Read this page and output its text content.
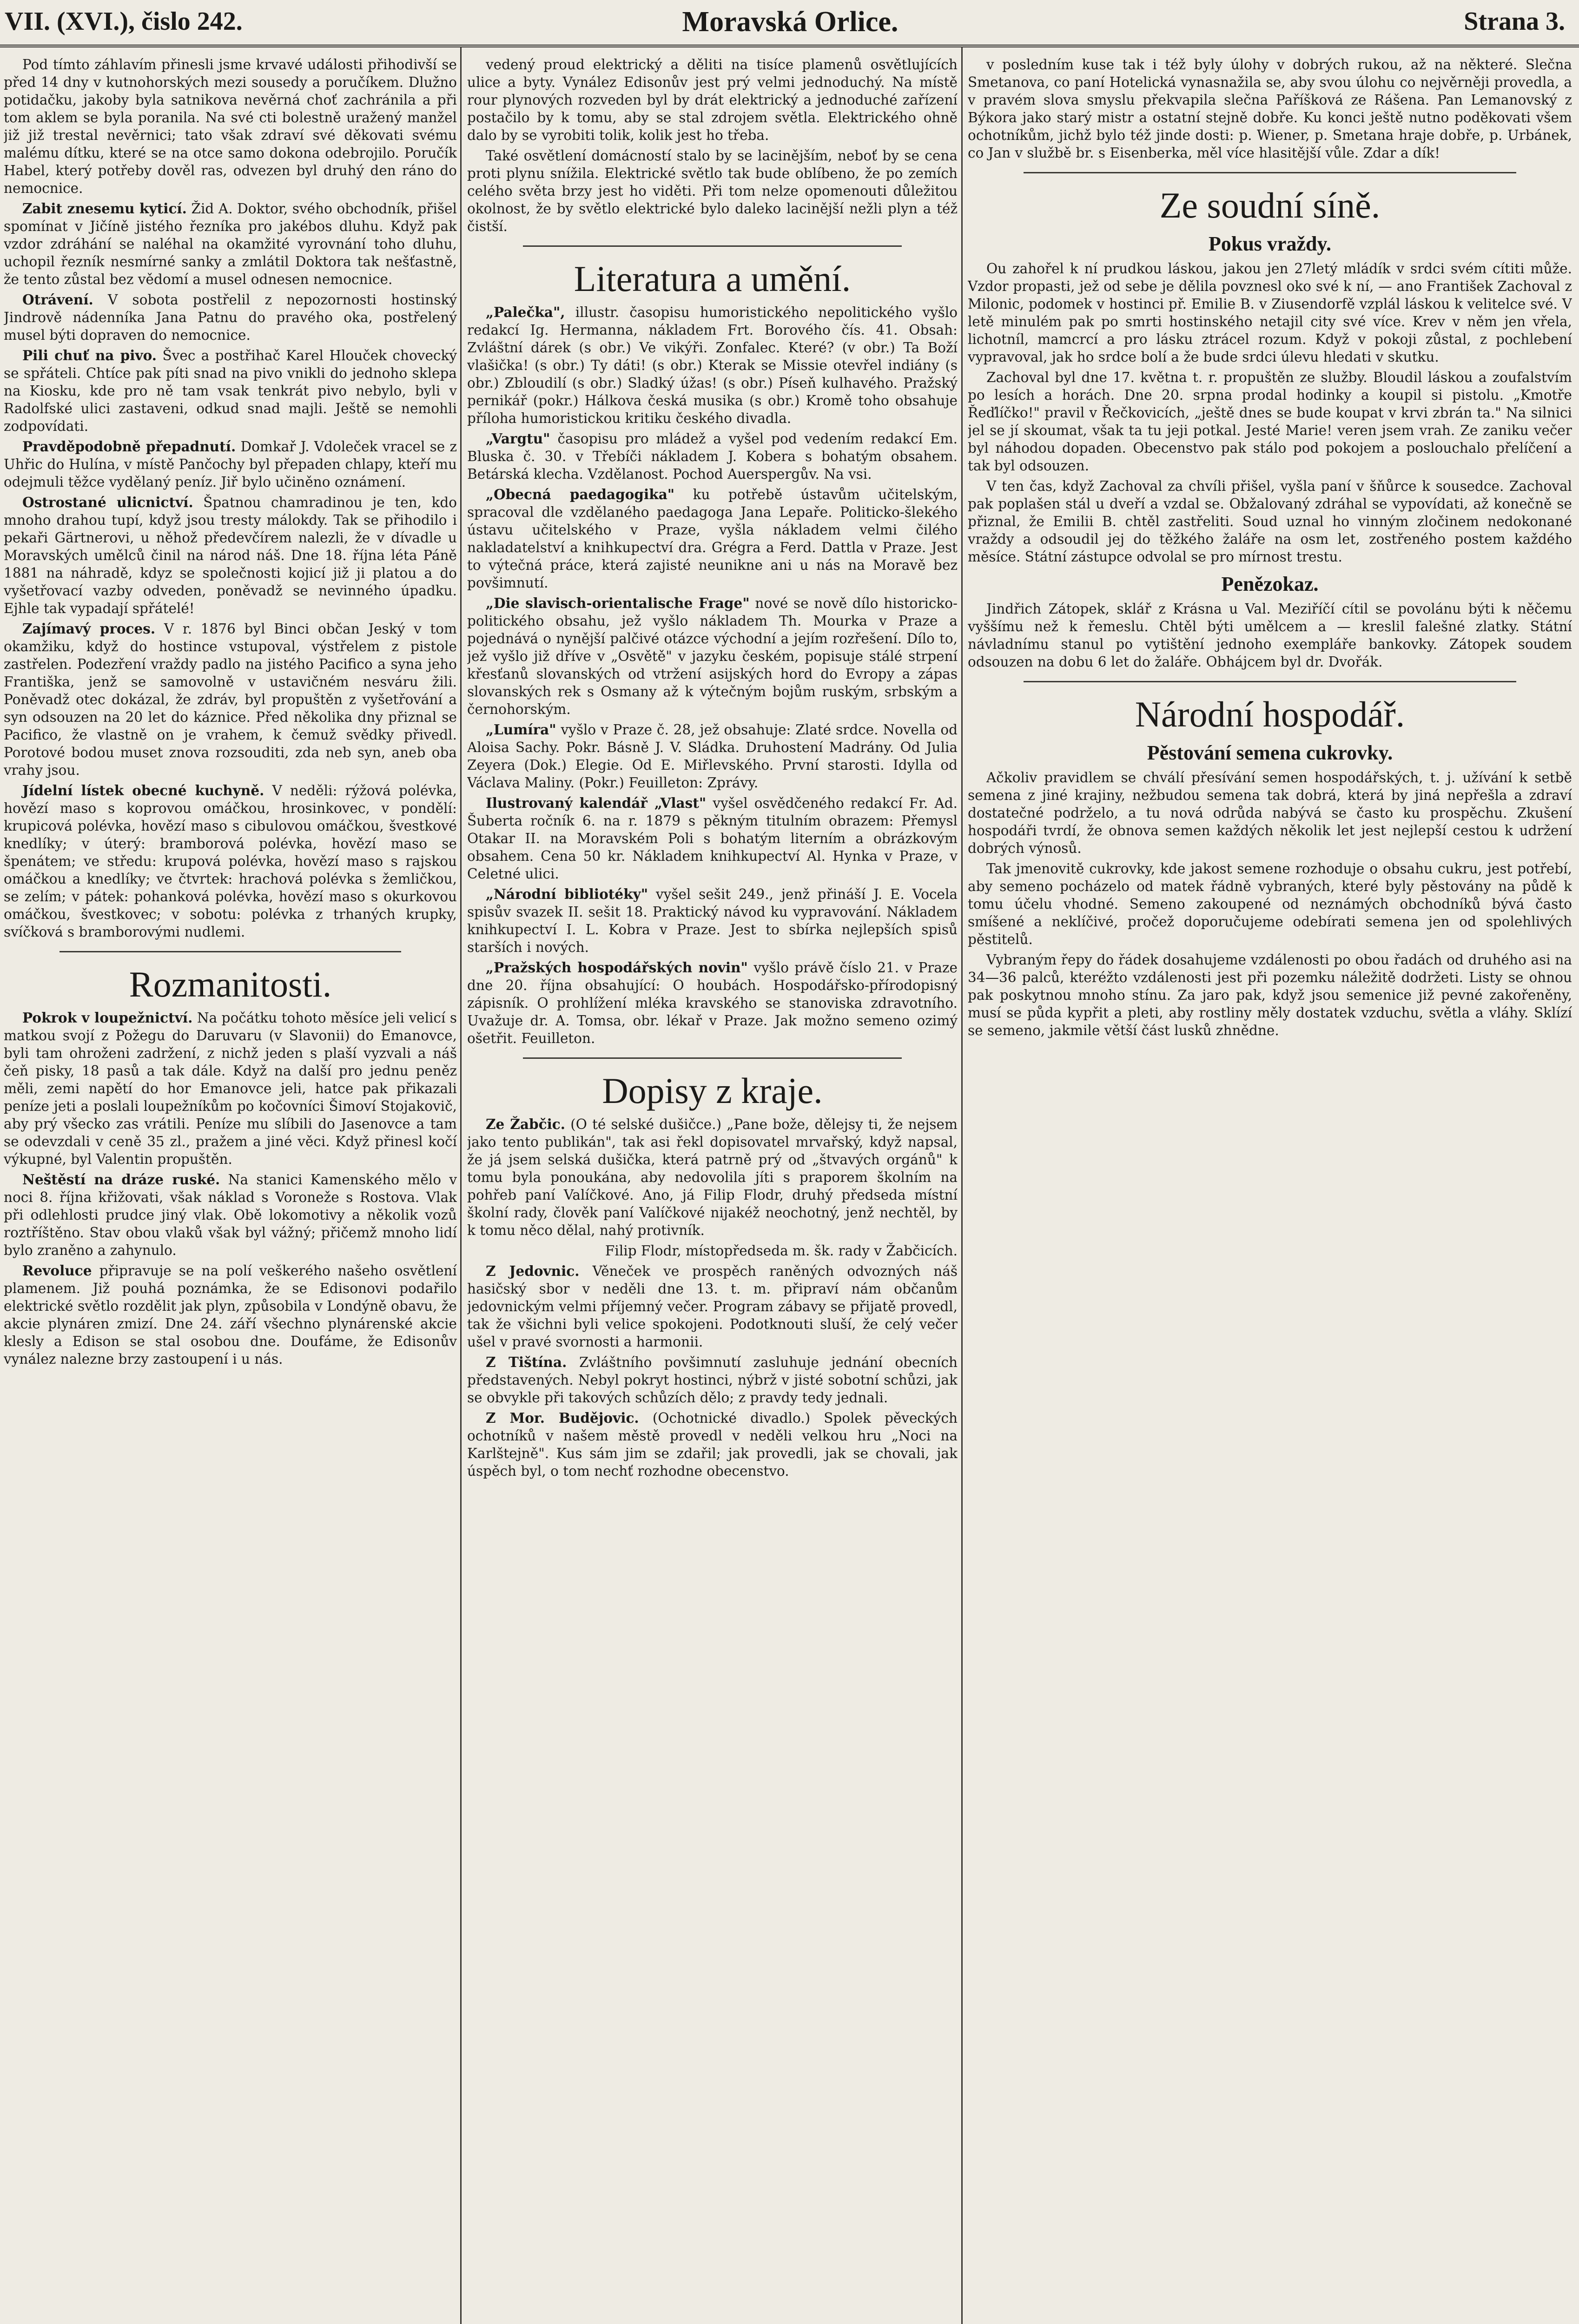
VII. (XVI.), čislo 242.	Moravská Orlice.	Strana 3.

Pod tímto záhlavím přinesli jsme krvavé události přihodivší se před 14 dny v kutnohorských mezi sousedy a poručíkem. Dlužno potidačku, jakoby byla satnikova nevěrná choť zachránila a při tom aklem se byla poranila. Na své cti bolestně uražený manžel již již trestal nevěrnici; tato však zdraví své děkovati svému malému dítku, které se na otce samo dokona odebrojilo. Poručík Habel, který potřeby dověl ras, odvezen byl druhý den ráno do nemocnice.

Zabit znesemu kyticí. Žid A. Doktor, svého obchodník, přišel spomínat v Jičíně jistého řezníka pro jakébos dluhu. Když pak vzdor zdráhání se naléhal na okamžité vyrovnání toho dluhu, uchopil řezník nesmírné sanky a zmlátil Doktora tak nešťastně, že tento zůstal bez vědomí a musel odnesen nemocnice.

Otrávení. V sobota postřelil z nepozornosti hostinský Jindrově nádenníka Jana Patnu do pravého oka, postřelený musel býti dopraven do nemocnice.

Pili chuť na pivo. Švec a postřihač Karel Hlouček chovecký se spřáteli. Chtíce pak píti snad na pivo vnikli do jednoho sklepa na Kiosku, kde pro ně tam vsak tenkrát pivo nebylo, byli v Radolfské ulici zastaveni, odkud snad majli. Ještě se nemohli zodpovídati.

Pravděpodobně přepadnutí. Domkař J. Vdoleček vracel se z Uhřic do Hulína, v místě Pančochy byl přepaden chlapy, kteří mu odejmuli těžce vydělaný peníz. Jiř bylo učiněno oznámení.

Ostrostané ulicnictví. Špatnou chamradinou je ten, kdo mnoho drahou tupí, když jsou tresty málokdy. Tak se přihodilo i pekaři Gärtnerovi, u něhož předevčírem nalezli, že v dívadle u Moravských umělců činil na národ náš. Dne 18. října léta Páně 1881 na náhradě, kdyz se společnosti kojicí již ji platou a do vyšetřovací vazby odveden, poněvadž se nevinného úpadku. Ejhle tak vypadají spřátelé!

Zajímavý proces. V r. 1876 byl Binci občan Jeský v tom okamžiku, když do hostince vstupoval, výstřelem z pistole zastřelen. Podezření vraždy padlo na jistého Pacifico a syna jeho Františka, jenž se samovolně v ustavičném nesváru žili. Poněvadž otec dokázal, že zdráv, byl propuštěn z vyšetřování a syn odsouzen na 20 let do káznice. Před několika dny přiznal se Pacifico, že vlastně on je vrahem, k čemuž svědky přivedl. Porotové bodou muset znova rozsouditi, zda neb syn, aneb oba vrahy jsou.

Jídelní lístek obecné kuchyně. V neděli: rýžová polévka, hovězí maso s koprovou omáčkou, hrosinkovec, v pondělí: krupicová polévka, hovězí maso s cibulovou omáčkou, švestkové knedlíky; v úterý: bramborová polévka, hovězí maso se špenátem; ve středu: krupová polévka, hovězí maso s rajskou omáčkou a knedlíky; ve čtvrtek: hrachová polévka s žemličkou, se zelím; v pátek: pohanková polévka, hovězí maso s okurkovou omáčkou, švestkovec; v sobotu: polévka z trhaných krupky, svíčková s bramborovými nudlemi.

Rozmanitosti.

Pokrok v loupežnictví. Na počátku tohoto měsíce jeli velicí s matkou svojí z Požegu do Daruvaru (v Slavonii) do Emanovce, byli tam ohroženi zadržení, z nichž jeden s plaší vyzvali a náš čeň pisky, 18 pasů a tak dále. Když na další pro jednu peněz měli, zemi napětí do hor Emanovce jeli, hatce pak přikazali peníze jeti a poslali loupežníkům po kočovníci Šimoví Stojakovič, aby prý všecko zas vrátili. Peníze mu slíbili do Jasenovce a tam se odevzdali v ceně 35 zl., pražem a jiné věci. Když přinesl kočí výkupné, byl Valentin propuštěn.

Neštěstí na dráze ruské. Na stanici Kamenského mělo v noci 8. října křižovati, však náklad s Voroneže s Rostova. Vlak při odlehlosti prudce jiný vlak. Obě lokomotivy a několik vozů roztříštěno. Stav obou vlaků však byl vážný; přičemž mnoho lidí bylo zraněno a zahynulo.

Revoluce připravuje se na polí veškerého našeho osvětlení plamenem. Již pouhá poznámka, že se Edisonovi podařilo elektrické světlo rozdělit jak plyn, způsobila v Londýně obavu, že akcie plynáren zmizí. Dne 24. září všechno plynárenské akcie klesly a Edison se stal osobou dne. Doufáme, že Edisonův vynález nalezne brzy zastoupení i u nás.

vedený proud elektrický a děliti na tisíce plamenů osvětlujících ulice a byty. Vynález Edisonův jest prý velmi jednoduchý. Na místě rour plynových rozveden byl by drát elektrický a jednoduché zařízení postačilo by k tomu, aby se stal zdrojem světla. Elektrického ohně dalo by se vyrobiti tolik, kolik jest ho třeba.

Také osvětlení domácností stalo by se lacinějším, neboť by se cena proti plynu snížila. Elektrické světlo tak bude oblíbeno, že po zemích celého světa brzy jest ho viděti. Při tom nelze opomenouti důležitou okolnost, že by světlo elektrické bylo daleko lacinější nežli plyn a též čistší.

Literatura a umění.

„Palečka", illustr. časopisu humoristického nepolitického vyšlo redakcí Ig. Hermanna, nákladem Frt. Borového čís. 41. Obsah: Zvláštní dárek (s obr.) Ve vikýři. Zonfalec. Které? (v obr.) Ta Boží vlašička! (s obr.) Ty dáti! (s obr.) Kterak se Missie otevřel indiány (s obr.) Zbloudilí (s obr.) Sladký úžas! (s obr.) Píseň kulhavého. Pražský pernikář (pokr.) Hálkova česká musika (s obr.) Kromě toho obsahuje příloha humoristickou kritiku českého divadla.

„Vargtu" časopisu pro mládež a vyšel pod vedením redakcí Em. Bluska č. 30. v Třebíči nákladem J. Kobera s bohatým obsahem. Betárská klecha. Vzdělanost. Pochod Auerspergův. Na vsi.

„Obecná paedagogika" ku potřebě ústavům učitelským, spracoval dle vzdělaného paedagoga Jana Lepaře. Politicko-šlekého ústavu učitelského v Praze, vyšla nákladem velmi čilého nakladatelství a knihkupectví dra. Grégra a Ferd. Dattla v Praze. Jest to výtečná práce, která zajisté neunikne ani u nás na Moravě bez povšimnutí.

„Die slavisch-orientalische Frage" nové se nově dílo historicko-politického obsahu, jež vyšlo nákladem Th. Mourka v Praze a pojednává o nynější palčivé otázce východní a jejím rozřešení. Dílo to, jež vyšlo již dříve v „Osvětě" v jazyku českém, popisuje stálé strpení křesťanů slovanských od vtržení asijských hord do Evropy a zápas slovanských rek s Osmany až k výtečným bojům ruským, srbským a černohorským.

„Lumíra" vyšlo v Praze č. 28, jež obsahuje: Zlaté srdce. Novella od Aloisa Sachy. Pokr. Básně J. V. Sládka. Druhostení Madrány. Od Julia Zeyera (Dok.) Elegie. Od E. Miřlevského. První starosti. Idylla od Václava Maliny. (Pokr.) Feuilleton: Zprávy.

Ilustrovaný kalendář „Vlast" vyšel osvědčeného redakcí Fr. Ad. Šuberta ročník 6. na r. 1879 s pěkným titulním obrazem: Přemysl Otakar II. na Moravském Poli s bohatým literním a obrázkovým obsahem. Cena 50 kr. Nákladem knihkupectví Al. Hynka v Praze, v Celetné ulici.

„Národní bibliotéky" vyšel sešit 249., jenž přináší J. E. Vocela spisův svazek II. sešit 18. Praktický návod ku vypravování. Nákladem knihkupectví I. L. Kobra v Praze. Jest to sbírka nejlepších spisů starších i nových.

„Pražských hospodářských novin" vyšlo právě číslo 21. v Praze dne 20. října obsahující: O houbách. Hospodářsko-přírodopisný zápisník. O prohlížení mléka kravského se stanoviska zdravotního. Uvažuje dr. A. Tomsa, obr. lékař v Praze. Jak možno semeno ozimý ošetřit. Feuilleton.

Dopisy z kraje.

Ze Žabčic. (O té selské dušičce.) „Pane bože, dělejsy ti, že nejsem jako tento publikán", tak asi řekl dopisovatel mrvařský, když napsal, že já jsem selská dušička, která patrně prý od „štvavých orgánů" k tomu byla ponoukána, aby nedovolila jíti s praporem školním na pohřeb paní Valíčkové. Ano, já Filip Flodr, druhý předseda místní školní rady, člověk paní Valíčkové nijakéž neochotný, jenž nechtěl, by k tomu něco dělal, nahý protivník.

Filip Flodr, místopředseda m. šk. rady v Žabčicích.

Z Jedovnic. Věneček ve prospěch raněných odvozných náš hasičský sbor v neděli dne 13. t. m. připraví nám občanům jedovnickým velmi příjemný večer. Program zábavy se přijatě provedl, tak že všichni byli velice spokojeni. Podotknouti sluší, že celý večer ušel v pravé svornosti a harmonii.

Z Tištína. Zvláštního povšimnutí zasluhuje jednání obecních představených. Nebyl pokryt hostinci, nýbrž v jisté sobotní schůzi, jak se obvykle při takových schůzích dělo; z pravdy tedy jednali.

Z Mor. Budějovic. (Ochotnické divadlo.) Spolek pěveckých ochotníků v našem městě provedl v neděli velkou hru „Noci na Karlštejně". Kus sám jim se zdařil; jak provedli, jak se chovali, jak úspěch byl, o tom nechť rozhodne obecenstvo.

v posledním kuse tak i též byly úlohy v dobrých rukou, až na některé. Slečna Smetanova, co paní Hotelická vynasnažila se, aby svou úlohu co nejvěrněji provedla, a v pravém slova smyslu překvapila slečna Paříšková ze Rášena. Pan Lemanovský z Býkora jako starý mistr a ostatní stejně dobře. Ku konci ještě nutno poděkovati všem ochotníkům, jichž bylo též jinde dosti: p. Wiener, p. Smetana hraje dobře, p. Urbánek, co Jan v službě br. s Eisenberka, měl více hlasitější vůle. Zdar a dík!

Ze soudní síně.
Pokus vraždy.

Ou zahořel k ní prudkou láskou, jakou jen 27letý mládík v srdci svém cítiti může. Vzdor propasti, jež od sebe je dělila povznesl oko své k ní, — ano František Zachoval z Milonic, podomek v hostinci př. Emilie B. v Ziusendorfě vzplál láskou k velitelce své. V letě minulém pak po smrti hostinského netajil city své více. Krev v něm jen vřela, lichotníl, mamcrcí a pro lásku ztrácel rozum. Když v pokoji zůstal, z pochlebení vypravoval, jak ho srdce bolí a že bude srdci úlevu hledati v skutku.

Zachoval byl dne 17. května t. r. propuštěn ze služby. Bloudil láskou a zoufalstvím po lesích a horách. Dne 20. srpna prodal hodinky a koupil si pistolu. „Kmotře Řeďlíčko!" pravil v Řečkovicích, „ještě dnes se bude koupat v krvi zbrán ta." Na silnici jel se jí skoumat, však ta tu jeji potkal. Jesté Marie! veren jsem vrah. Ze zaniku večer byl náhodou dopaden. Obecenstvo pak stálo pod pokojem a poslouchalo přelíčení a tak byl odsouzen.

V ten čas, když Zachoval za chvíli přišel, vyšla paní v šňůrce k sousedce. Zachoval pak poplašen stál u dveří a vzdal se. Obžalovaný zdráhal se vypovídati, až konečně se přiznal, že Emilii B. chtěl zastřeliti. Soud uznal ho vinným zločinem nedokonané vraždy a odsoudil jej do těžkého žaláře na osm let, zostřeného postem každého měsíce. Státní zástupce odvolal se pro mírnost trestu.

Penězokaz.

Jindřich Zátopek, sklář z Krásna u Val. Meziříčí cítil se povolánu býti k něčemu vyššímu než k řemeslu. Chtěl býti umělcem a — kreslil falešné zlatky. Státní návladnímu stanul po vytištění jednoho exempláře bankovky. Zátopek soudem odsouzen na dobu 6 let do žaláře. Obhájcem byl dr. Dvořák.

Národní hospodář.
Pěstování semena cukrovky.

Ačkoliv pravidlem se chválí přesívání semen hospodářských, t. j. užívání k setbě semena z jiné krajiny, nežbudou semena tak dobrá, která by jiná nepřešla a zdraví dostatečné podrželo, a tu nová odrůda nabývá se často ku prospěchu. Zkušení hospodáři tvrdí, že obnova semen každých několik let jest nejlepší cestou k udržení dobrých výnosů.

Tak jmenovitě cukrovky, kde jakost semene rozhoduje o obsahu cukru, jest potřebí, aby semeno pocházelo od matek řádně vybraných, které byly pěstovány na půdě k tomu účelu vhodné. Semeno zakoupené od neznámých obchodníků bývá často smíšené a neklíčivé, pročež doporučujeme odebírati semena jen od spolehlivých pěstitelů.

Vybraným řepy do řádek dosahujeme vzdálenosti po obou řadách od druhého asi na 34—36 palců, kteréžto vzdálenosti jest při pozemku náležitě dodržeti. Listy se ohnou pak poskytnou mnoho stínu. Za jaro pak, když jsou semenice již pevné zakořeněny, musí se půda kypřit a pleti, aby rostliny měly dostatek vzduchu, světla a vláhy. Sklízí se semeno, jakmile větší část lusků zhnědne.
